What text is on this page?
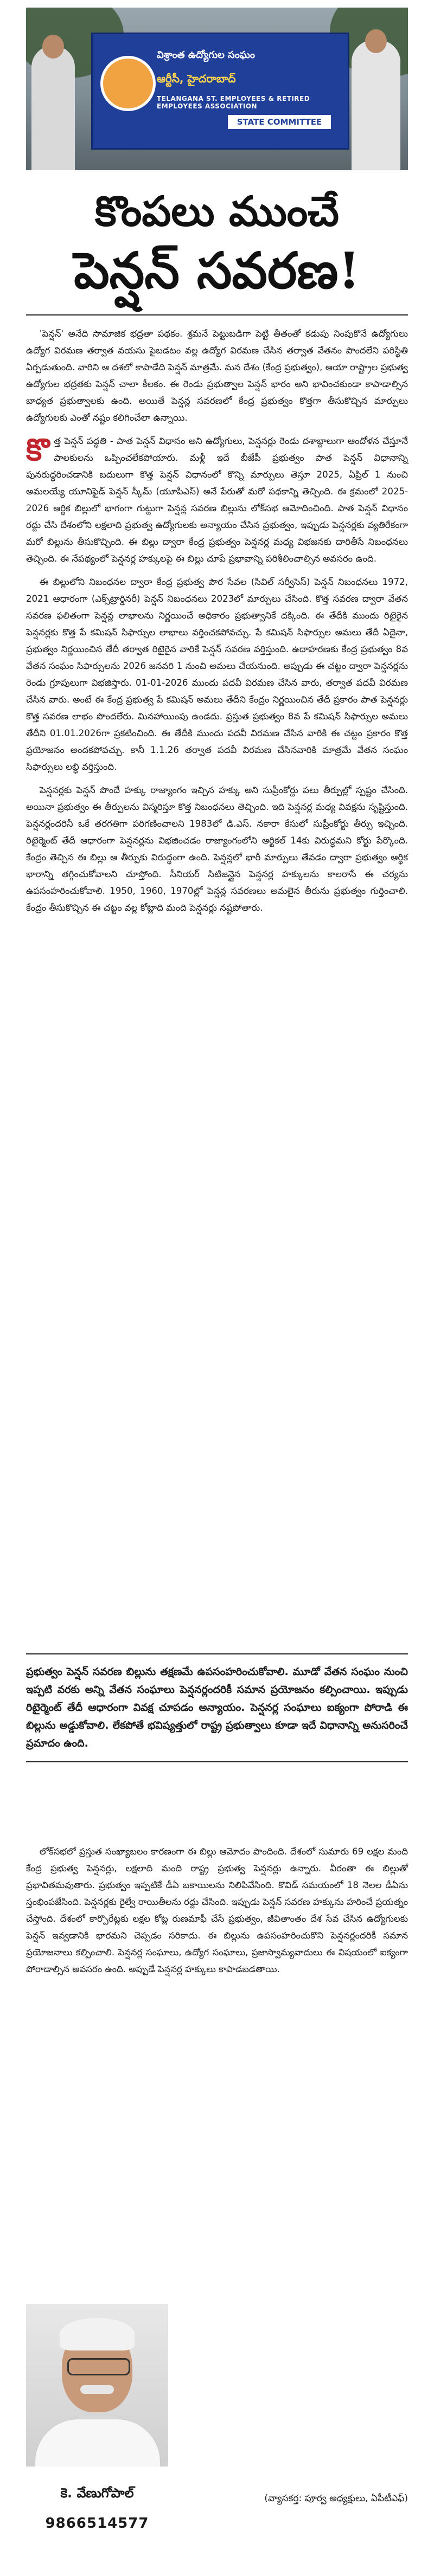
విశ్రాంత ఉద్యోగుల సంఘం
ఆర్టీసీ, హైదరాబాద్
TELANGANA ST. EMPLOYEES & RETIRED EMPLOYEES ASSOCIATION
STATE COMMITTEE (HYDERABAD)
కొంపలు ముంచే
పెన్షన్ సవరణ!

'పెన్షన్' అనేది సామాజిక భద్రతా పథకం. శ్రమనే పెట్టుబడిగా పెట్టి తీతంతో కడుపు నింపుకొనే ఉద్యోగులు ఉద్యోగ విరమణ తర్వాత వయసు పైబడటం వల్ల ఉద్యోగ విరమణ చేసిన తర్వాత వేతనం పొందలేని పరిస్థితి ఏర్పడుతుంది. వారిని ఆ దశలో కాపాడేది పెన్షన్ మాత్రమే. మన దేశం (కేంద్ర ప్రభుత్వం), ఆయా రాష్ట్రాల ప్రభుత్వ ఉద్యోగుల భద్రతకు పెన్షన్ చాలా కీలకం. ఈ రెండు ప్రభుత్వాల పెన్షన్ భారం అని భావించకుండా కాపాడాల్సిన బాధ్యత ప్రభుత్వాలకు ఉంది. అయితే పెన్షన్ల సవరణలో కేంద్ర ప్రభుత్వం కొత్తగా తీసుకొచ్చిన మార్పులు ఉద్యోగులకు ఎంతో నష్టం కలిగించేలా ఉన్నాయి.

కొత్త పెన్షన్ పద్ధతి - పాత పెన్షన్ విధానం అని ఉద్యోగులు, పెన్షనర్లు రెండు దశాబ్దాలుగా ఆందోళన చేస్తూనే పాలకులను ఒప్పించలేకపోయారు. మళ్లీ ఇదే బీజేపీ ప్రభుత్వం పాత పెన్షన్ విధానాన్ని పునరుద్ధరించడానికి బదులుగా కొత్త పెన్షన్ విధానంలో కొన్ని మార్పులు తెస్తూ 2025, ఏప్రిల్ 1 నుంచి అమలయ్యే యూనిఫైడ్ పెన్షన్ స్కీమ్ (యూపీఎస్) అనే పేరుతో మరో పథకాన్ని తెచ్చింది. ఈ క్రమంలో 2025-2026 ఆర్థిక బిల్లులో భాగంగా గుట్టుగా పెన్షన్ల సవరణ బిల్లును లోక్‌సభ ఆమోదించింది. పాత పెన్షన్ విధానం రద్దు చేసి దేశంలోని లక్షలాది ప్రభుత్వ ఉద్యోగులకు అన్యాయం చేసిన ప్రభుత్వం, ఇప్పుడు పెన్షనర్లకు వ్యతిరేకంగా మరో బిల్లును తీసుకొచ్చింది. ఈ బిల్లు ద్వారా కేంద్ర ప్రభుత్వం పెన్షనర్ల మధ్య విభజనకు దారితీసే నిబంధనలు తెచ్చింది. ఈ నేపథ్యంలో పెన్షనర్ల హక్కులపై ఈ బిల్లు చూపే ప్రభావాన్ని పరిశీలించాల్సిన అవసరం ఉంది.

ఈ బిల్లులోని నిబంధనల ద్వారా కేంద్ర ప్రభుత్వ పౌర సేవల (సివిల్ సర్వీసెస్) పెన్షన్ నిబంధనలు 1972, 2021 ఆధారంగా (ఎక్స్‌ట్రార్డినరీ) పెన్షన్ నిబంధనలు 2023లో మార్పులు చేసింది. కొత్త సవరణ ద్వారా వేతన సవరణ ఫలితంగా పెన్షన్ల లాభాలను నిర్ణయించే అధికారం ప్రభుత్వానికే దక్కింది. ఈ తేదీకి ముందు రిటైరైన పెన్షనర్లకు కొత్త పే కమిషన్ సిఫార్సుల లాభాలు వర్తించకపోవచ్చు. పే కమిషన్ సిఫార్సుల అమలు తేదీ ఏదైనా, ప్రభుత్వం నిర్ణయించిన తేదీ తర్వాత రిటైరైన వారికే పెన్షన్ సవరణ వర్తిస్తుంది. ఉదాహరణకు కేంద్ర ప్రభుత్వం 8వ వేతన సంఘం సిఫార్సులను 2026 జనవరి 1 నుంచి అమలు చేయనుంది. అప్పుడు ఈ చట్టం ద్వారా పెన్షనర్లను రెండు గ్రూపులుగా విభజిస్తారు. 01-01-2026 ముందు పదవీ విరమణ చేసిన వారు, తర్వాత పదవీ విరమణ చేసిన వారు. అంటే ఈ కేంద్ర ప్రభుత్వ పే కమిషన్ అమలు తేదీని కేంద్రం నిర్ణయించిన తేదీ ప్రకారం పాత పెన్షనర్లు కొత్త సవరణ లాభం పొందలేరు. మినహాయింపు ఉండదు. ప్రస్తుత ప్రభుత్వం 8వ పే కమిషన్ సిఫార్సుల అమలు తేదీని 01.01.2026గా ప్రకటించింది. ఈ తేదీకి ముందు పదవీ విరమణ చేసిన వారికి ఈ చట్టం ప్రకారం కొత్త ప్రయోజనం అందకపోవచ్చు. కానీ 1.1.26 తర్వాత పదవీ విరమణ చేసినవారికి మాత్రమే వేతన సంఘం సిఫార్సులు లబ్ధి వర్తిస్తుంది.

పెన్షనర్లకు పెన్షన్ పొందే హక్కు రాజ్యాంగం ఇచ్చిన హక్కు అని సుప్రీంకోర్టు పలు తీర్పుల్లో స్పష్టం చేసింది. అయినా ప్రభుత్వం ఈ తీర్పులను విస్మరిస్తూ కొత్త నిబంధనలు తెచ్చింది. ఇది పెన్షనర్ల మధ్య వివక్షను సృష్టిస్తుంది. పెన్షనర్లందరినీ ఒకే తరగతిగా పరిగణించాలని 1983లో డి.ఎస్. నకారా కేసులో సుప్రీంకోర్టు తీర్పు ఇచ్చింది. రిటైర్మెంట్ తేదీ ఆధారంగా పెన్షనర్లను విభజించడం రాజ్యాంగంలోని ఆర్టికల్ 14కు విరుద్ధమని కోర్టు పేర్కొంది. కేంద్రం తెచ్చిన ఈ బిల్లు ఆ తీర్పుకు విరుద్ధంగా ఉంది. పెన్షన్లలో భారీ మార్పులు తేవడం ద్వారా ప్రభుత్వం ఆర్థిక భారాన్ని తగ్గించుకోవాలని చూస్తోంది. సీనియర్ సిటిజన్లైన పెన్షనర్ల హక్కులను కాలరాసే ఈ చర్యను ఉపసంహరించుకోవాలి. 1950, 1960, 1970ల్లో పెన్షన్ల సవరణలు అమలైన తీరును ప్రభుత్వం గుర్తించాలి. కేంద్రం తీసుకొచ్చిన ఈ చట్టం వల్ల కోట్లాది మంది పెన్షనర్లు నష్టపోతారు.

ప్రభుత్వం పెన్షన్ సవరణ బిల్లును తక్షణమే ఉపసంహరించుకోవాలి. మూడో వేతన సంఘం నుంచి ఇప్పటి వరకు అన్ని వేతన సంఘాలు పెన్షనర్లందరికీ సమాన ప్రయోజనం కల్పించాయి. ఇప్పుడు రిటైర్మెంట్ తేదీ ఆధారంగా వివక్ష చూపడం అన్యాయం. పెన్షనర్ల సంఘాలు ఐక్యంగా పోరాడి ఈ బిల్లును అడ్డుకోవాలి. లేకపోతే భవిష్యత్తులో రాష్ట్ర ప్రభుత్వాలు కూడా ఇదే విధానాన్ని అనుసరించే ప్రమాదం ఉంది.

లోక్‌సభలో ప్రస్తుత సంఖ్యాబలం కారణంగా ఈ బిల్లు ఆమోదం పొందింది. దేశంలో సుమారు 69 లక్షల మంది కేంద్ర ప్రభుత్వ పెన్షనర్లు, లక్షలాది మంది రాష్ట్ర ప్రభుత్వ పెన్షనర్లు ఉన్నారు. వీరంతా ఈ బిల్లుతో ప్రభావితమవుతారు. ప్రభుత్వం ఇప్పటికే డీఏ బకాయిలను నిలిపివేసింది. కొవిడ్ సమయంలో 18 నెలల డీఏను స్తంభింపజేసింది. పెన్షనర్లకు రైల్వే రాయితీలను రద్దు చేసింది. ఇప్పుడు పెన్షన్ సవరణ హక్కును హరించే ప్రయత్నం చేస్తోంది. దేశంలో కార్పొరేట్లకు లక్షల కోట్ల రుణమాఫీ చేసే ప్రభుత్వం, జీవితాంతం దేశ సేవ చేసిన ఉద్యోగులకు పెన్షన్ ఇవ్వడానికి భారమని చెప్పడం సరికాదు. ఈ బిల్లును ఉపసంహరించుకొని పెన్షనర్లందరికీ సమాన ప్రయోజనాలు కల్పించాలి. పెన్షనర్ల సంఘాలు, ఉద్యోగ సంఘాలు, ప్రజాస్వామ్యవాదులు ఈ విషయంలో ఐక్యంగా పోరాడాల్సిన అవసరం ఉంది. అప్పుడే పెన్షనర్ల హక్కులు కాపాడబడతాయి.

కె. వేణుగోపాల్
9866514577
(వ్యాసకర్త: పూర్వ అధ్యక్షులు, ఏపీటీఎఫ్)
